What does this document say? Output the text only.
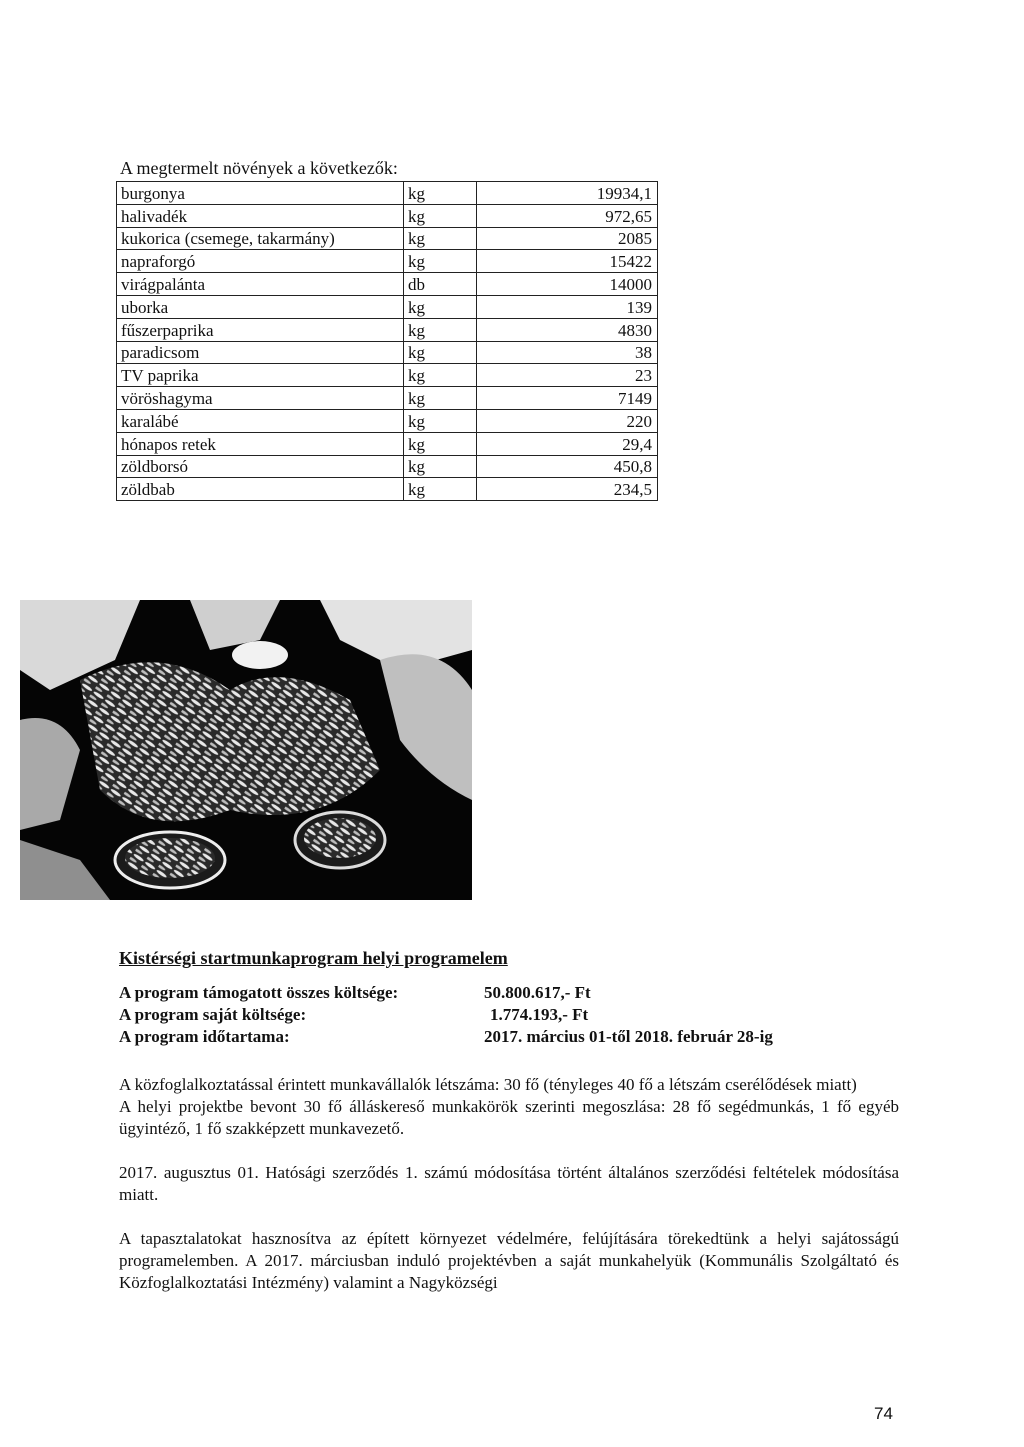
A megtermelt növények a következők:
burgonya	kg	19934,1
halivadék	kg	972,65
kukorica (csemege, takarmány)	kg	2085
napraforgó	kg	15422
virágpalánta	db	14000
uborka	kg	139
fűszerpaprika	kg	4830
paradicsom	kg	38
TV paprika	kg	23
vöröshagyma	kg	7149
karalábé	kg	220
hónapos retek	kg	29,4
zöldborsó	kg	450,8
zöldbab	kg	234,5
Kistérségi startmunkaprogram helyi programelem
A program támogatott összes költsége:	50.800.617,- Ft
A program saját költsége:	1.774.193,- Ft
A program időtartama:	2017. március 01-től 2018. február 28-ig

A közfoglalkoztatással érintett munkavállalók létszáma: 30 fő (tényleges 40 fő a létszám cserélődések miatt)

A helyi projektbe bevont 30 fő álláskereső munkakörök szerinti megoszlása: 28 fő segédmunkás, 1 fő egyéb ügyintéző, 1 fő szakképzett munkavezető.

2017. augusztus 01. Hatósági szerződés 1. számú módosítása történt általános szerződési feltételek módosítása miatt.

A tapasztalatokat hasznosítva az épített környezet védelmére, felújítására törekedtünk a helyi sajátosságú programelemben. A 2017. márciusban induló projektévben a saját munkahelyük (Kommunális Szolgáltató és Közfoglalkoztatási Intézmény) valamint a Nagyközségi

74
